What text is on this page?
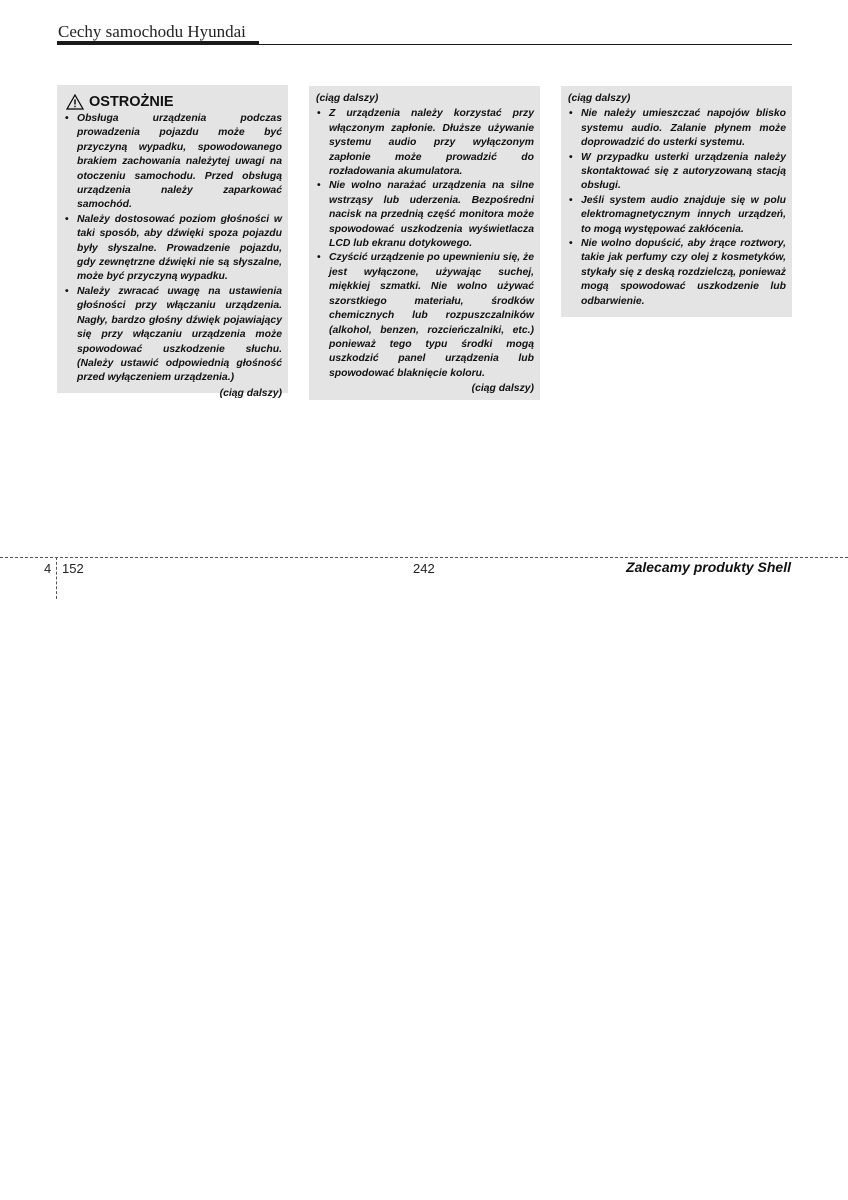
Cechy samochodu Hyundai
OSTROŻNIE
• Obsługa urządzenia podczas prowadzenia pojazdu może być przyczyną wypadku, spowodowanego brakiem zachowania należytej uwagi na otoczeniu samochodu. Przed obsługą urządzenia należy zaparkować samochód.
• Należy dostosować poziom głośności w taki sposób, aby dźwięki spoza pojazdu były słyszalne. Prowadzenie pojazdu, gdy zewnętrzne dźwięki nie są słyszalne, może być przyczyną wypadku.
• Należy zwracać uwagę na ustawienia głośności przy włączaniu urządzenia. Nagły, bardzo głośny dźwięk pojawiający się przy włączaniu urządzenia może spowodować uszkodzenie słuchu. (Należy ustawić odpowiednią głośność przed wyłączeniem urządzenia.)
(ciąg dalszy)
(ciąg dalszy)
• Z urządzenia należy korzystać przy włączonym zapłonie. Dłuższe używanie systemu audio przy wyłączonym zapłonie może prowadzić do rozładowania akumulatora.
• Nie wolno narażać urządzenia na silne wstrząsy lub uderzenia. Bezpośredni nacisk na przednią część monitora może spowodować uszkodzenia wyświetlacza LCD lub ekranu dotykowego.
• Czyścić urządzenie po upewnieniu się, że jest wyłączone, używając suchej, miękkiej szmatki. Nie wolno używać szorstkiego materiału, środków chemicznych lub rozpuszczalników (alkohol, benzen, rozcieńczalniki, etc.) ponieważ tego typu środki mogą uszkodzić panel urządzenia lub spowodować blaknięcie koloru.
(ciąg dalszy)
(ciąg dalszy)
• Nie należy umieszczać napojów blisko systemu audio. Zalanie płynem może doprowadzić do usterki systemu.
• W przypadku usterki urządzenia należy skontaktować się z autoryzowaną stacją obsługi.
• Jeśli system audio znajduje się w polu elektromagnetycznym innych urządzeń, to mogą występować zakłócenia.
• Nie wolno dopuścić, aby żrące roztwory, takie jak perfumy czy olej z kosmetyków, stykały się z deską rozdzielczą, ponieważ mogą spowodować uszkodzenie lub odbarwienie.
4 152	242	Zalecamy produkty Shell
